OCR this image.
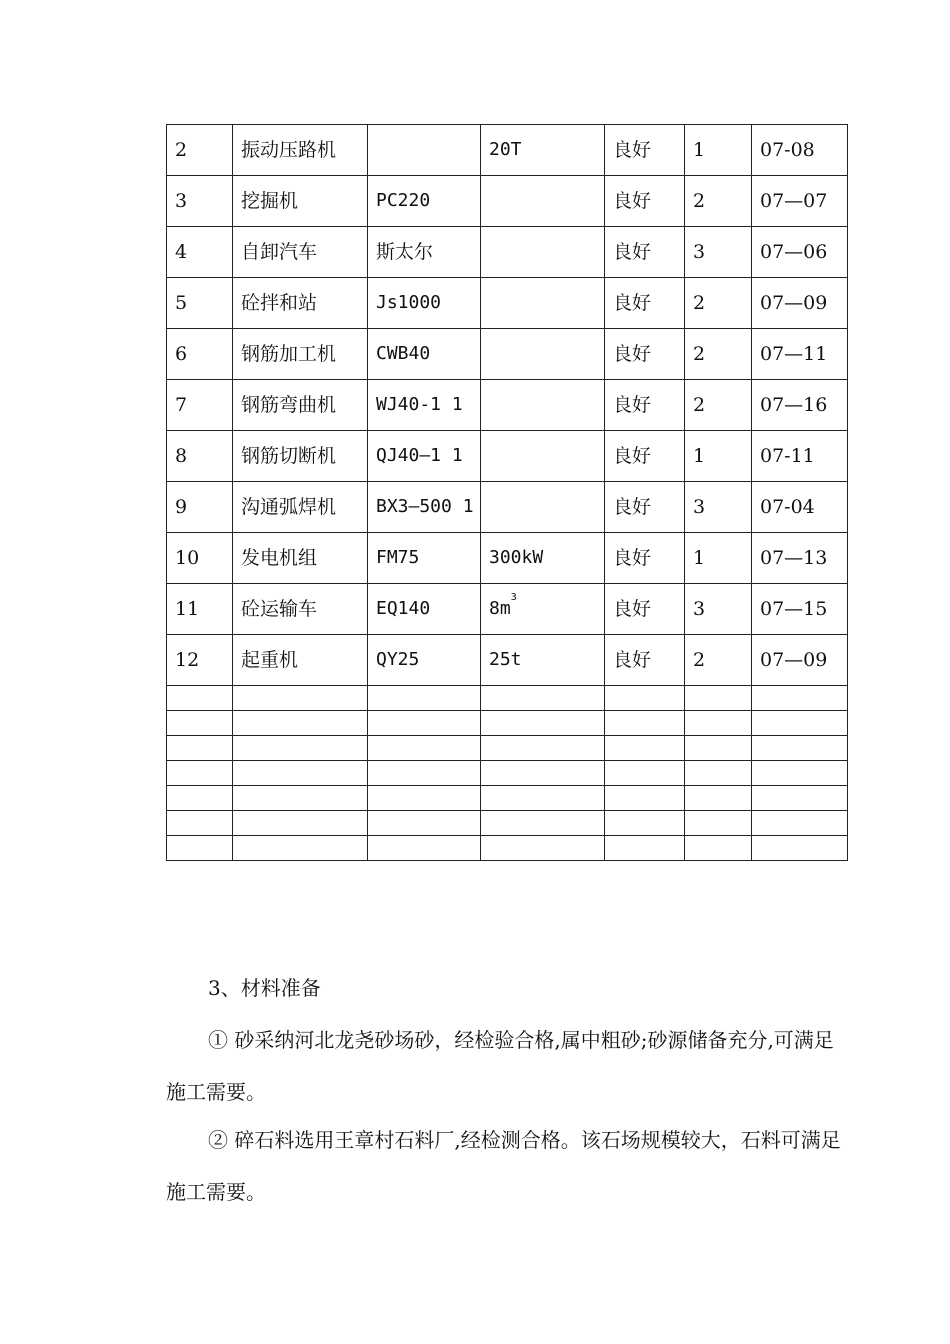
2	振动压路机		20T	良好	1	07-08
3	挖掘机	PC220		良好	2	07—07
4	自卸汽车	斯太尔		良好	3	07—06
5	砼拌和站	Js1000		良好	2	07—09
6	钢筋加工机	CWB40		良好	2	07—11
7	钢筋弯曲机	WJ40-1 1		良好	2	07—16
8	钢筋切断机	QJ40—1 1		良好	1	07-11
9	沟通弧焊机	BX3—500 1		良好	3	07-04
10	发电机组	FM75	300kW	良好	1	07—13
11	砼运输车	EQ140	$8m^3$	良好	3	07—15
12	起重机	QY25	25t	良好	2	07—09

3、材料准备
① 砂采纳河北龙尧砂场砂，经检验合格,属中粗砂;砂源储备充分,可满足施工需要。
② 碎石料选用王章村石料厂,经检测合格。该石场规模较大，石料可满足施工需要。
